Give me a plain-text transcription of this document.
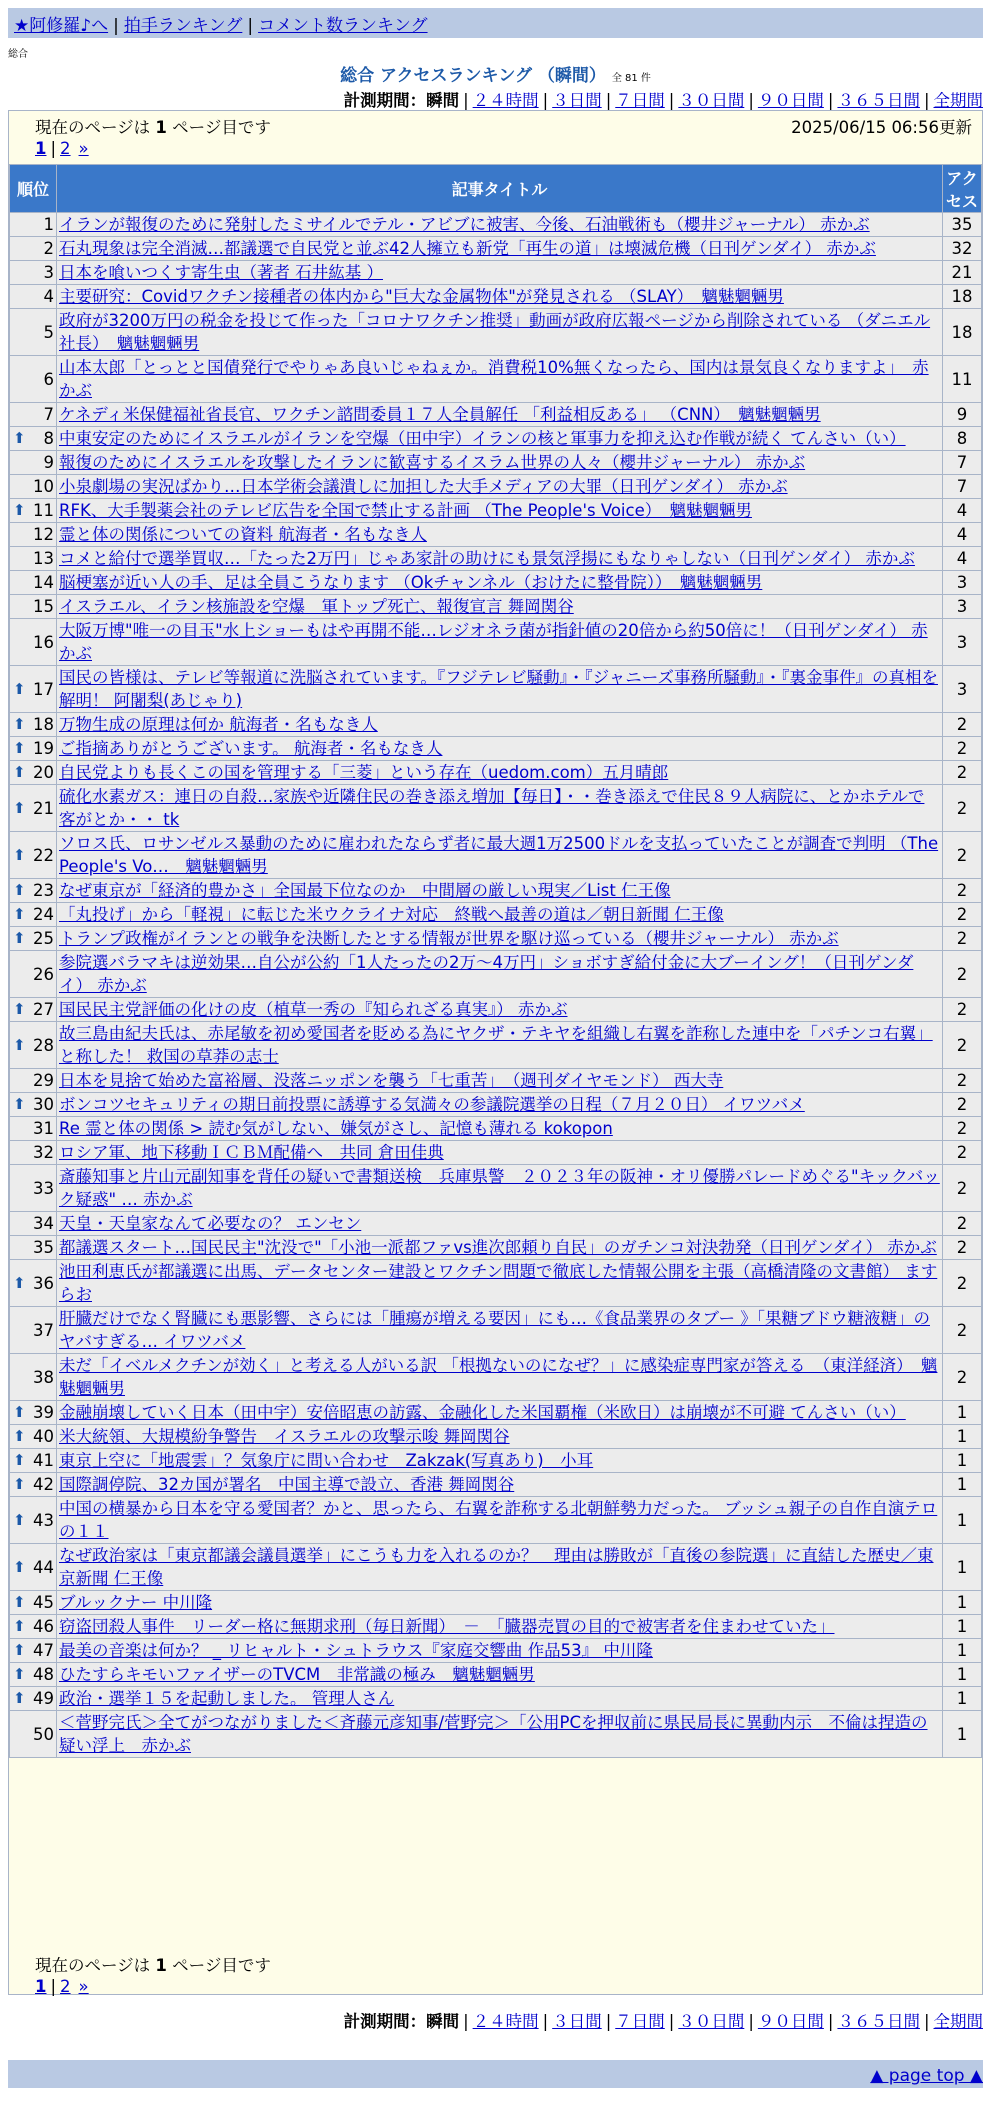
★阿修羅♪へ | 拍手ランキング | コメント数ランキング
総合
総合 アクセスランキング （瞬間） 全 81 件
計測期間：瞬間 | ２４時間 | ３日間 | ７日間 | ３０日間 | ９０日間 | ３６５日間 | 全期間
現在のページは 1 ページ目です
1 | 2 »
2025/06/15 06:56更新
順位	記事タイトル	アクセス
1	イランが報復のために発射したミサイルでテル・アビブに被害、今後、石油戦術も（櫻井ジャーナル） 赤かぶ	35
2	石丸現象は完全消滅…都議選で自民党と並ぶ42人擁立も新党「再生の道」は壊滅危機（日刊ゲンダイ） 赤かぶ	32
3	日本を喰いつくす寄生虫（著者 石井紘基 ）	21
4	主要研究：Covidワクチン接種者の体内から"巨大な金属物体"が発見される （SLAY）　魑魅魍魎男	18
5	政府が3200万円の税金を投じて作った「コロナワクチン推奨」動画が政府広報ページから削除されている （ダニエル社長）　魑魅魍魎男	18
6	山本太郎「とっとと国債発行でやりゃあ良いじゃねぇか。消費税10%無くなったら、国内は景気良くなりますよ」　赤かぶ	11
7	ケネディ米保健福祉省長官、ワクチン諮問委員１７人全員解任 「利益相反ある」 （CNN）　魑魅魍魎男	9

⬆ 8	中東安定のためにイスラエルがイランを空爆（田中宇）イランの核と軍事力を抑え込む作戦が続く てんさい（い）	8
9	報復のためにイスラエルを攻撃したイランに歓喜するイスラム世界の人々（櫻井ジャーナル） 赤かぶ	7
10	小泉劇場の実況ばかり…日本学術会議潰しに加担した大手メディアの大罪（日刊ゲンダイ） 赤かぶ	7

⬆ 11	RFK、大手製薬会社のテレビ広告を全国で禁止する計画 （The People's Voice）　魑魅魍魎男	4
12	霊と体の関係についての資料 航海者・名もなき人	4
13	コメと給付で選挙買収…「たった2万円」じゃあ家計の助けにも景気浮揚にもなりゃしない（日刊ゲンダイ） 赤かぶ	4
14	脳梗塞が近い人の手、足は全員こうなります （Okチャンネル（おけたに整骨院））　魑魅魍魎男	3
15	イスラエル、イラン核施設を空爆　軍トップ死亡、報復宣言 舞岡関谷	3
16	大阪万博"唯一の目玉"水上ショーもはや再開不能…レジオネラ菌が指針値の20倍から約50倍に！（日刊ゲンダイ） 赤かぶ	3

⬆ 17	国民の皆様は、テレビ等報道に洗脳されています。『フジテレビ騒動』・『ジャニーズ事務所騒動』・『裏金事件』の真相を解明！ 阿闍梨(あじゃり)	3

⬆ 18	万物生成の原理は何か 航海者・名もなき人	2

⬆ 19	ご指摘ありがとうございます。 航海者・名もなき人	2

⬆ 20	自民党よりも長くこの国を管理する「三菱」という存在（uedom.com）五月晴郎	2

⬆ 21	硫化水素ガス：連日の自殺…家族や近隣住民の巻き添え増加【毎日】・・巻き添えで住民８９人病院に、とかホテルで客がとか・・ tk	2

⬆ 22	ソロス氏、ロサンゼルス暴動のために雇われたならず者に最大週1万2500ドルを支払っていたことが調査で判明 （The People's Vo…　魑魅魍魎男	2

⬆ 23	なぜ東京が「経済的豊かさ」全国最下位なのか　中間層の厳しい現実／List 仁王像	2

⬆ 24	「丸投げ」から「軽視」に転じた米ウクライナ対応　終戦へ最善の道は／朝日新聞 仁王像	2

⬆ 25	トランプ政権がイランとの戦争を決断したとする情報が世界を駆け巡っている（櫻井ジャーナル） 赤かぶ	2
26	参院選バラマキは逆効果…自公が公約「1人たったの2万～4万円」ショボすぎ給付金に大ブーイング！（日刊ゲンダイ） 赤かぶ	2

⬆ 27	国民民主党評価の化けの皮（植草一秀の『知られざる真実』） 赤かぶ	2

⬆ 28	故三島由紀夫氏は、赤尾敏を初め愛国者を貶める為にヤクザ・テキヤを組織し右翼を詐称した連中を「パチンコ右翼」と称した！ 救国の草莽の志士	2
29	日本を見捨て始めた富裕層、没落ニッポンを襲う「七重苦」　（週刊ダイヤモンド） 西大寺	2

⬆ 30	ボンコツセキュリティの期日前投票に誘導する気満々の参議院選挙の日程（７月２０日） イワツバメ	2
31	Re 霊と体の関係 > 読む気がしない、嫌気がさし、記憶も薄れる kokopon	2
32	ロシア軍、地下移動ＩＣＢＭ配備へ　共同 倉田佳典	2
33	斎藤知事と片山元副知事を背任の疑いで書類送検　兵庫県警　２０２３年の阪神・オリ優勝パレードめぐる"キックバック疑惑" … 赤かぶ	2
34	天皇・天皇家なんて必要なの？ エンセン	2
35	都議選スタート…国民民主"沈没で"「小池一派都ファvs進次郎頼り自民」のガチンコ対決勃発（日刊ゲンダイ） 赤かぶ	2

⬆ 36	池田利恵氏が都議選に出馬、データセンター建設とワクチン問題で徹底した情報公開を主張（高橋清隆の文書館） ますらお	2
37	肝臓だけでなく腎臓にも悪影響、さらには「腫瘍が増える要因」にも…《食品業界のタブー 》「果糖ブドウ糖液糖」のヤバすぎる… イワツバメ	2
38	未だ「イベルメクチンが効く」と考える人がいる訳 「根拠ないのになぜ？」に感染症専門家が答える　（東洋経済）　魑魅魍魎男	2

⬆ 39	金融崩壊していく日本（田中宇）安倍昭恵の訪露、金融化した米国覇権（米欧日）は崩壊が不可避 てんさい（い）	1

⬆ 40	米大統領、大規模紛争警告　イスラエルの攻撃示唆 舞岡関谷	1

⬆ 41	東京上空に「地震雲」？気象庁に問い合わせ　Zakzak(写真あり)　小耳	1

⬆ 42	国際調停院、32カ国が署名　中国主導で設立、香港 舞岡関谷	1

⬆ 43	中国の横暴から日本を守る愛国者？かと、思ったら、右翼を詐称する北朝鮮勢力だった。 ブッシュ親子の自作自演テロの１１	1

⬆ 44	なぜ政治家は「東京都議会議員選挙」にこうも力を入れるのか？　理由は勝敗が「直後の参院選」に直結した歴史／東京新聞 仁王像	1

⬆ 45	ブルックナー 中川隆	1

⬆ 46	窃盗団殺人事件　リーダー格に無期求刑（毎日新聞）　－　「臓器売買の目的で被害者を住まわせていた」	1

⬆ 47	最美の音楽は何か？ _ リヒャルト・シュトラウス『家庭交響曲 作品53』 中川隆	1

⬆ 48	ひたすらキモいファイザーのTVCM　非常識の極み　魑魅魍魎男	1

⬆ 49	政治・選挙１５を起動しました。 管理人さん	1
50	＜菅野完氏＞全てがつながりました＜斉藤元彦知事/菅野完＞「公用PCを押収前に県民局長に異動内示　不倫は捏造の疑い浮上　赤かぶ	1
現在のページは 1 ページ目です
1 | 2 »
計測期間：瞬間 | ２４時間 | ３日間 | ７日間 | ３０日間 | ９０日間 | ３６５日間 | 全期間
▲ page top ▲
